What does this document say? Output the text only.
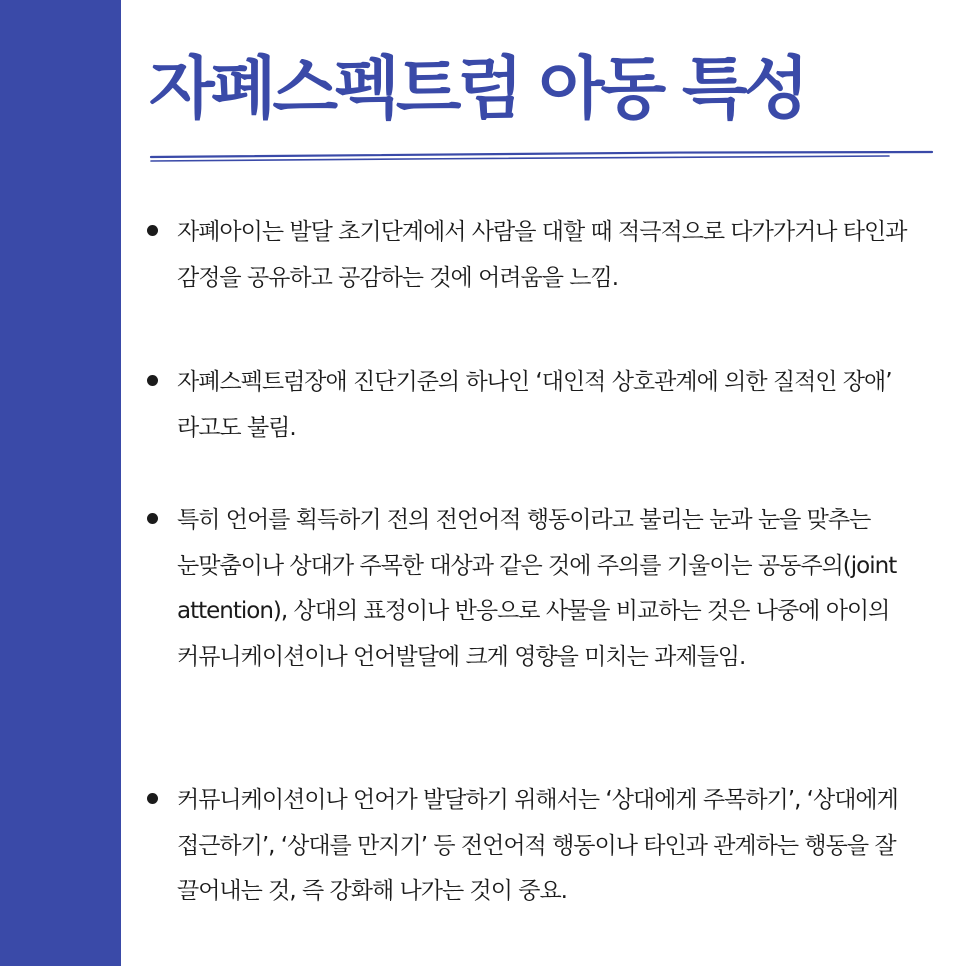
자폐스펙트럼 아동 특성
자폐아이는 발달 초기단계에서 사람을 대할 때 적극적으로 다가가거나 타인과 감정을 공유하고 공감하는 것에 어려움을 느낌.
자폐스펙트럼장애 진단기준의 하나인 ‘대인적 상호관계에 의한 질적인 장애’ 라고도 불림.
특히 언어를 획득하기 전의 전언어적 행동이라고 불리는 눈과 눈을 맞추는 눈맞춤이나 상대가 주목한 대상과 같은 것에 주의를 기울이는 공동주의(joint attention), 상대의 표정이나 반응으로 사물을 비교하는 것은 나중에 아이의 커뮤니케이션이나 언어발달에 크게 영향을 미치는 과제들임.
커뮤니케이션이나 언어가 발달하기 위해서는 ‘상대에게 주목하기’, ‘상대에게 접근하기’, ‘상대를 만지기’ 등 전언어적 행동이나 타인과 관계하는 행동을 잘 끌어내는 것, 즉 강화해 나가는 것이 중요.
